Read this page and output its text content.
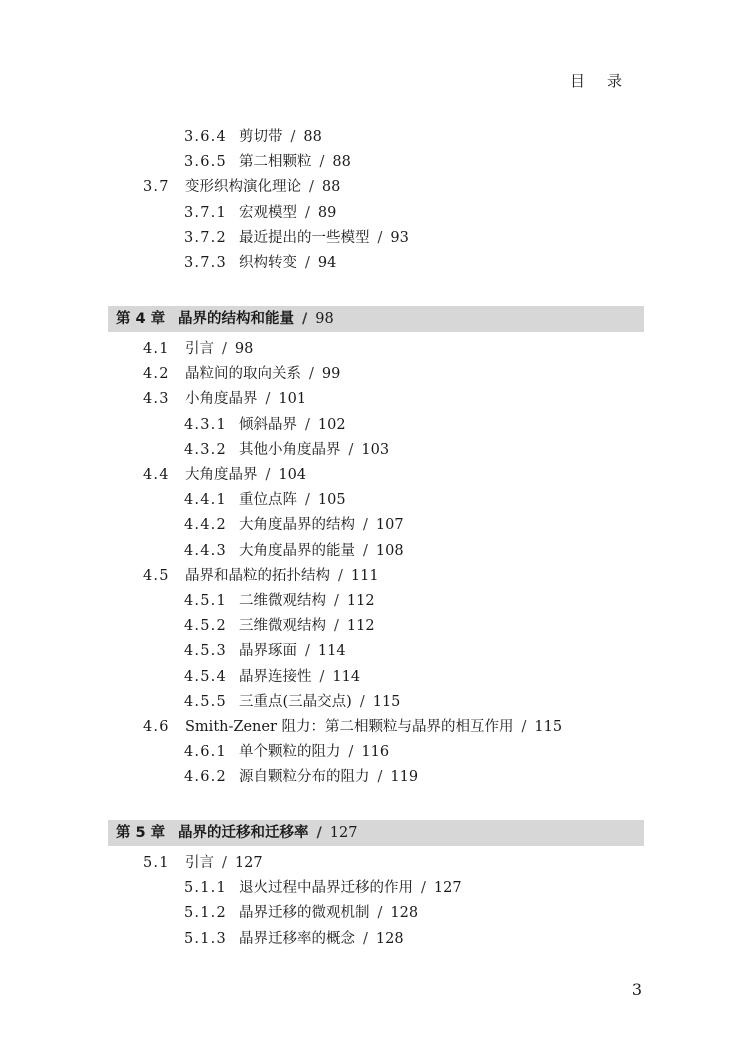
目录
第 4 章 晶界的结构和能量 / 98
第 5 章 晶界的迁移和迁移率 / 127
3.6.4 剪切带 / 88
3.6.5 第二相颗粒 / 88
3.7 变形织构演化理论 / 88
3.7.1 宏观模型 / 89
3.7.2 最近提出的一些模型 / 93
3.7.3 织构转变 / 94
4.1 引言 / 98
4.2 晶粒间的取向关系 / 99
4.3 小角度晶界 / 101
4.3.1 倾斜晶界 / 102
4.3.2 其他小角度晶界 / 103
4.4 大角度晶界 / 104
4.4.1 重位点阵 / 105
4.4.2 大角度晶界的结构 / 107
4.4.3 大角度晶界的能量 / 108
4.5 晶界和晶粒的拓扑结构 / 111
4.5.1 二维微观结构 / 112
4.5.2 三维微观结构 / 112
4.5.3 晶界琢面 / 114
4.5.4 晶界连接性 / 114
4.5.5 三重点(三晶交点) / 115
4.6 Smith-Zener 阻力：第二相颗粒与晶界的相互作用 / 115
4.6.1 单个颗粒的阻力 / 116
4.6.2 源自颗粒分布的阻力 / 119
5.1 引言 / 127
5.1.1 退火过程中晶界迁移的作用 / 127
5.1.2 晶界迁移的微观机制 / 128
5.1.3 晶界迁移率的概念 / 128
3
